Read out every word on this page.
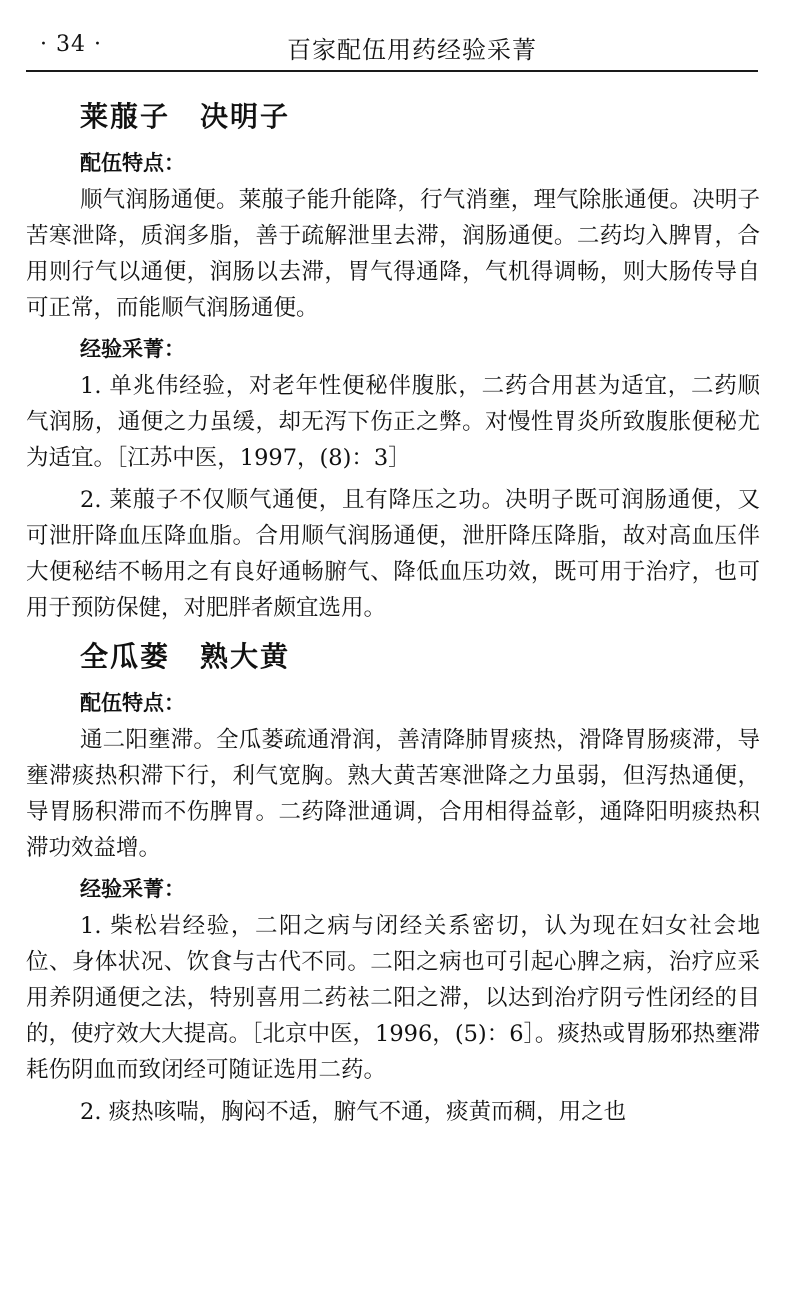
· 34 ·	百家配伍用药经验采菁
莱菔子　决明子
配伍特点：

顺气润肠通便。莱菔子能升能降，行气消壅，理气除胀通便。决明子苦寒泄降，质润多脂，善于疏解泄里去滞，润肠通便。二药均入脾胃，合用则行气以通便，润肠以去滞，胃气得通降，气机得调畅，则大肠传导自可正常，而能顺气润肠通便。

经验采菁：

1. 单兆伟经验，对老年性便秘伴腹胀，二药合用甚为适宜，二药顺气润肠，通便之力虽缓，却无泻下伤正之弊。对慢性胃炎所致腹胀便秘尤为适宜。［江苏中医，1997，(8)：3］

2. 莱菔子不仅顺气通便，且有降压之功。决明子既可润肠通便，又可泄肝降血压降血脂。合用顺气润肠通便，泄肝降压降脂，故对高血压伴大便秘结不畅用之有良好通畅腑气、降低血压功效，既可用于治疗，也可用于预防保健，对肥胖者颇宜选用。

全瓜蒌　熟大黄
配伍特点：

通二阳壅滞。全瓜蒌疏通滑润，善清降肺胃痰热，滑降胃肠痰滞，导壅滞痰热积滞下行，利气宽胸。熟大黄苦寒泄降之力虽弱，但泻热通便，导胃肠积滞而不伤脾胃。二药降泄通调，合用相得益彰，通降阳明痰热积滞功效益增。

经验采菁：

1. 柴松岩经验，二阳之病与闭经关系密切，认为现在妇女社会地位、身体状况、饮食与古代不同。二阳之病也可引起心脾之病，治疗应采用养阴通便之法，特别喜用二药袪二阳之滞，以达到治疗阴亏性闭经的目的，使疗效大大提高。［北京中医，1996，(5)：6］。痰热或胃肠邪热壅滞耗伤阴血而致闭经可随证选用二药。

2. 痰热咳喘，胸闷不适，腑气不通，痰黄而稠，用之也
